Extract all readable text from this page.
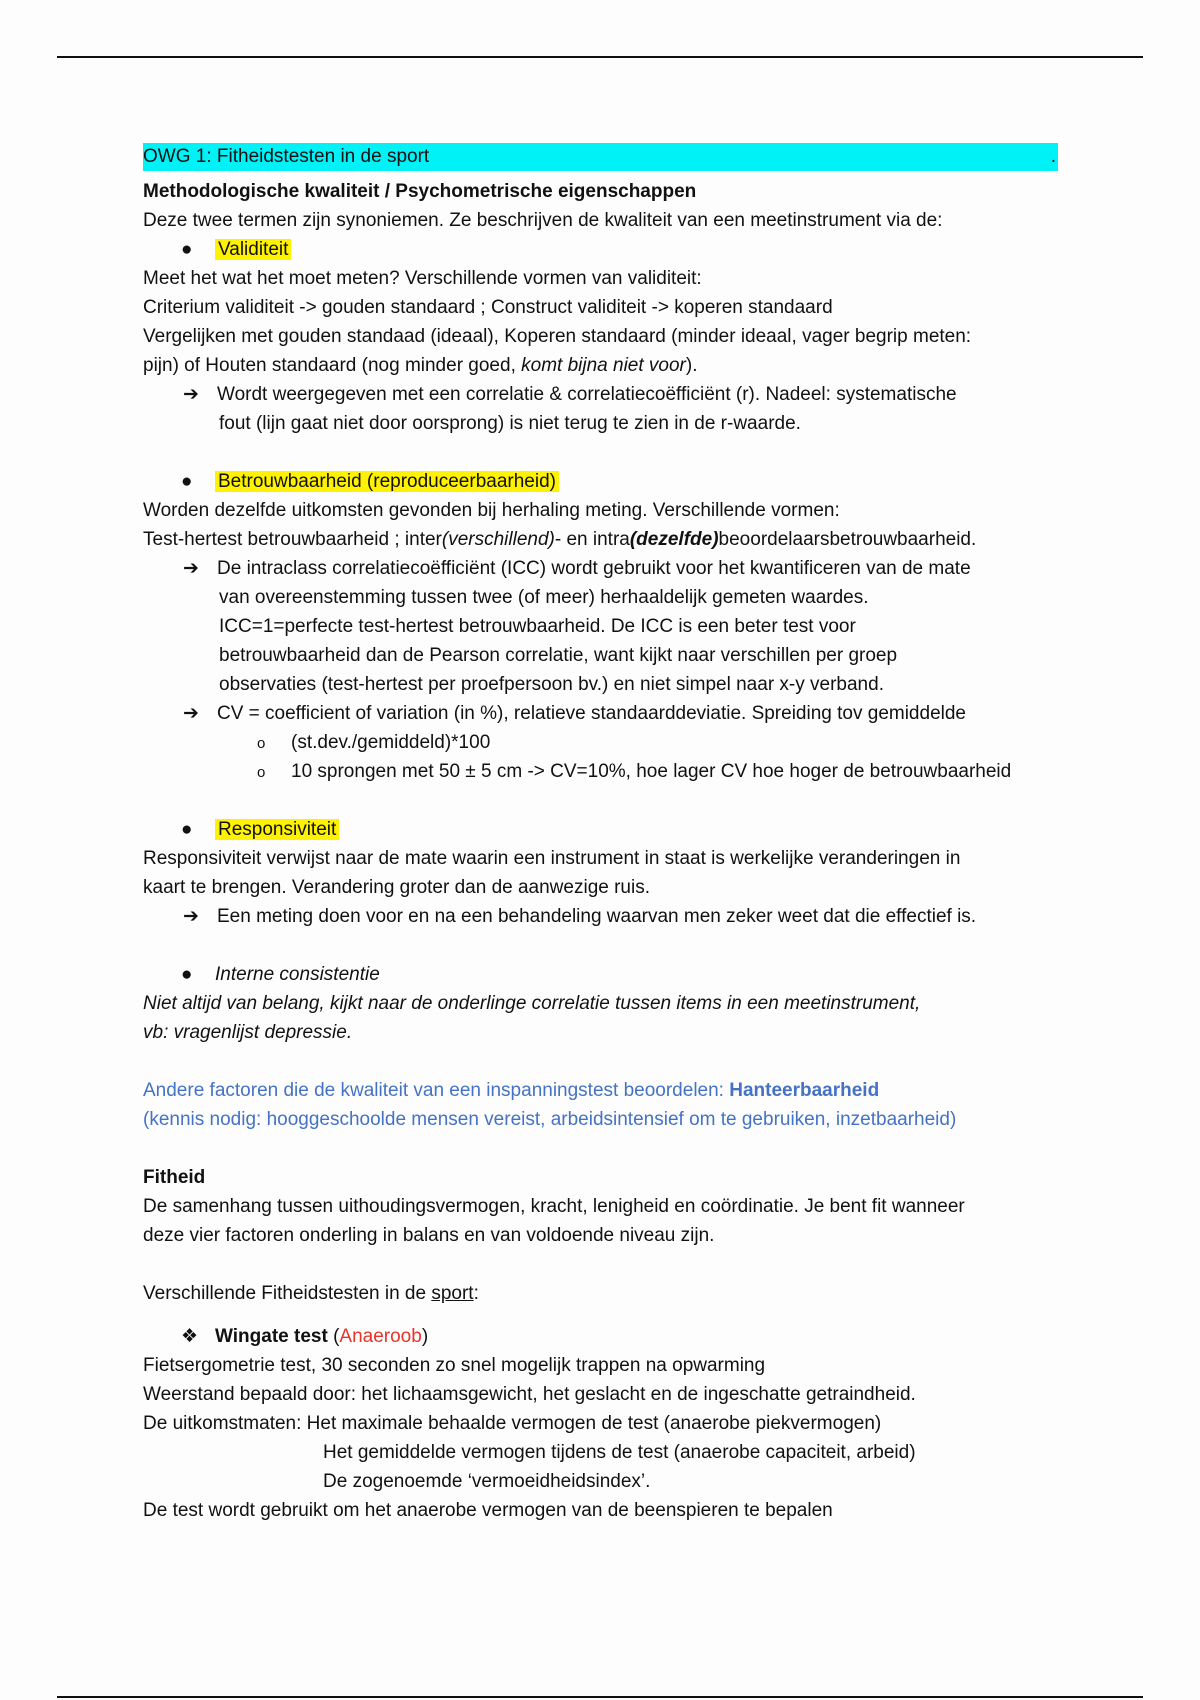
OWG 1: Fitheidstesten in de sport	.
Methodologische kwaliteit / Psychometrische eigenschappen
Deze twee termen zijn synoniemen. Ze beschrijven de kwaliteit van een meetinstrument via de:
● Validiteit
Meet het wat het moet meten? Verschillende vormen van validiteit:
Criterium validiteit -> gouden standaard ; Construct validiteit -> koperen standaard
Vergelijken met gouden standaad (ideaal), Koperen standaard (minder ideaal, vager begrip meten:
pijn) of Houten standaard (nog minder goed, komt bijna niet voor).
➔ Wordt weergegeven met een correlatie & correlatiecoëfficiënt (r). Nadeel: systematische
fout (lijn gaat niet door oorsprong) is niet terug te zien in de r-waarde.
● Betrouwbaarheid (reproduceerbaarheid)
Worden dezelfde uitkomsten gevonden bij herhaling meting. Verschillende vormen:
Test-hertest betrouwbaarheid ; inter(verschillend)- en intra(dezelfde)beoordelaarsbetrouwbaarheid.
➔ De intraclass correlatiecoëfficiënt (ICC) wordt gebruikt voor het kwantificeren van de mate
van overeenstemming tussen twee (of meer) herhaaldelijk gemeten waardes.
ICC=1=perfecte test-hertest betrouwbaarheid. De ICC is een beter test voor
betrouwbaarheid dan de Pearson correlatie, want kijkt naar verschillen per groep
observaties (test-hertest per proefpersoon bv.) en niet simpel naar x-y verband.
➔ CV = coefficient of variation (in %), relatieve standaarddeviatie. Spreiding tov gemiddelde
o (st.dev./gemiddeld)*100
o 10 sprongen met 50 ± 5 cm -> CV=10%, hoe lager CV hoe hoger de betrouwbaarheid
● Responsiviteit
Responsiviteit verwijst naar de mate waarin een instrument in staat is werkelijke veranderingen in
kaart te brengen. Verandering groter dan de aanwezige ruis.
➔ Een meting doen voor en na een behandeling waarvan men zeker weet dat die effectief is.
● Interne consistentie
Niet altijd van belang, kijkt naar de onderlinge correlatie tussen items in een meetinstrument,
vb: vragenlijst depressie.
Andere factoren die de kwaliteit van een inspanningstest beoordelen: Hanteerbaarheid
(kennis nodig: hooggeschoolde mensen vereist, arbeidsintensief om te gebruiken, inzetbaarheid)
Fitheid
De samenhang tussen uithoudingsvermogen, kracht, lenigheid en coördinatie. Je bent fit wanneer
deze vier factoren onderling in balans en van voldoende niveau zijn.
Verschillende Fitheidstesten in de sport:
❖ Wingate test (Anaeroob)
Fietsergometrie test, 30 seconden zo snel mogelijk trappen na opwarming
Weerstand bepaald door: het lichaamsgewicht, het geslacht en de ingeschatte getraindheid.
De uitkomstmaten: Het maximale behaalde vermogen de test (anaerobe piekvermogen)
Het gemiddelde vermogen tijdens de test (anaerobe capaciteit, arbeid)
De zogenoemde ‘vermoeidheidsindex’.
De test wordt gebruikt om het anaerobe vermogen van de beenspieren te bepalen
